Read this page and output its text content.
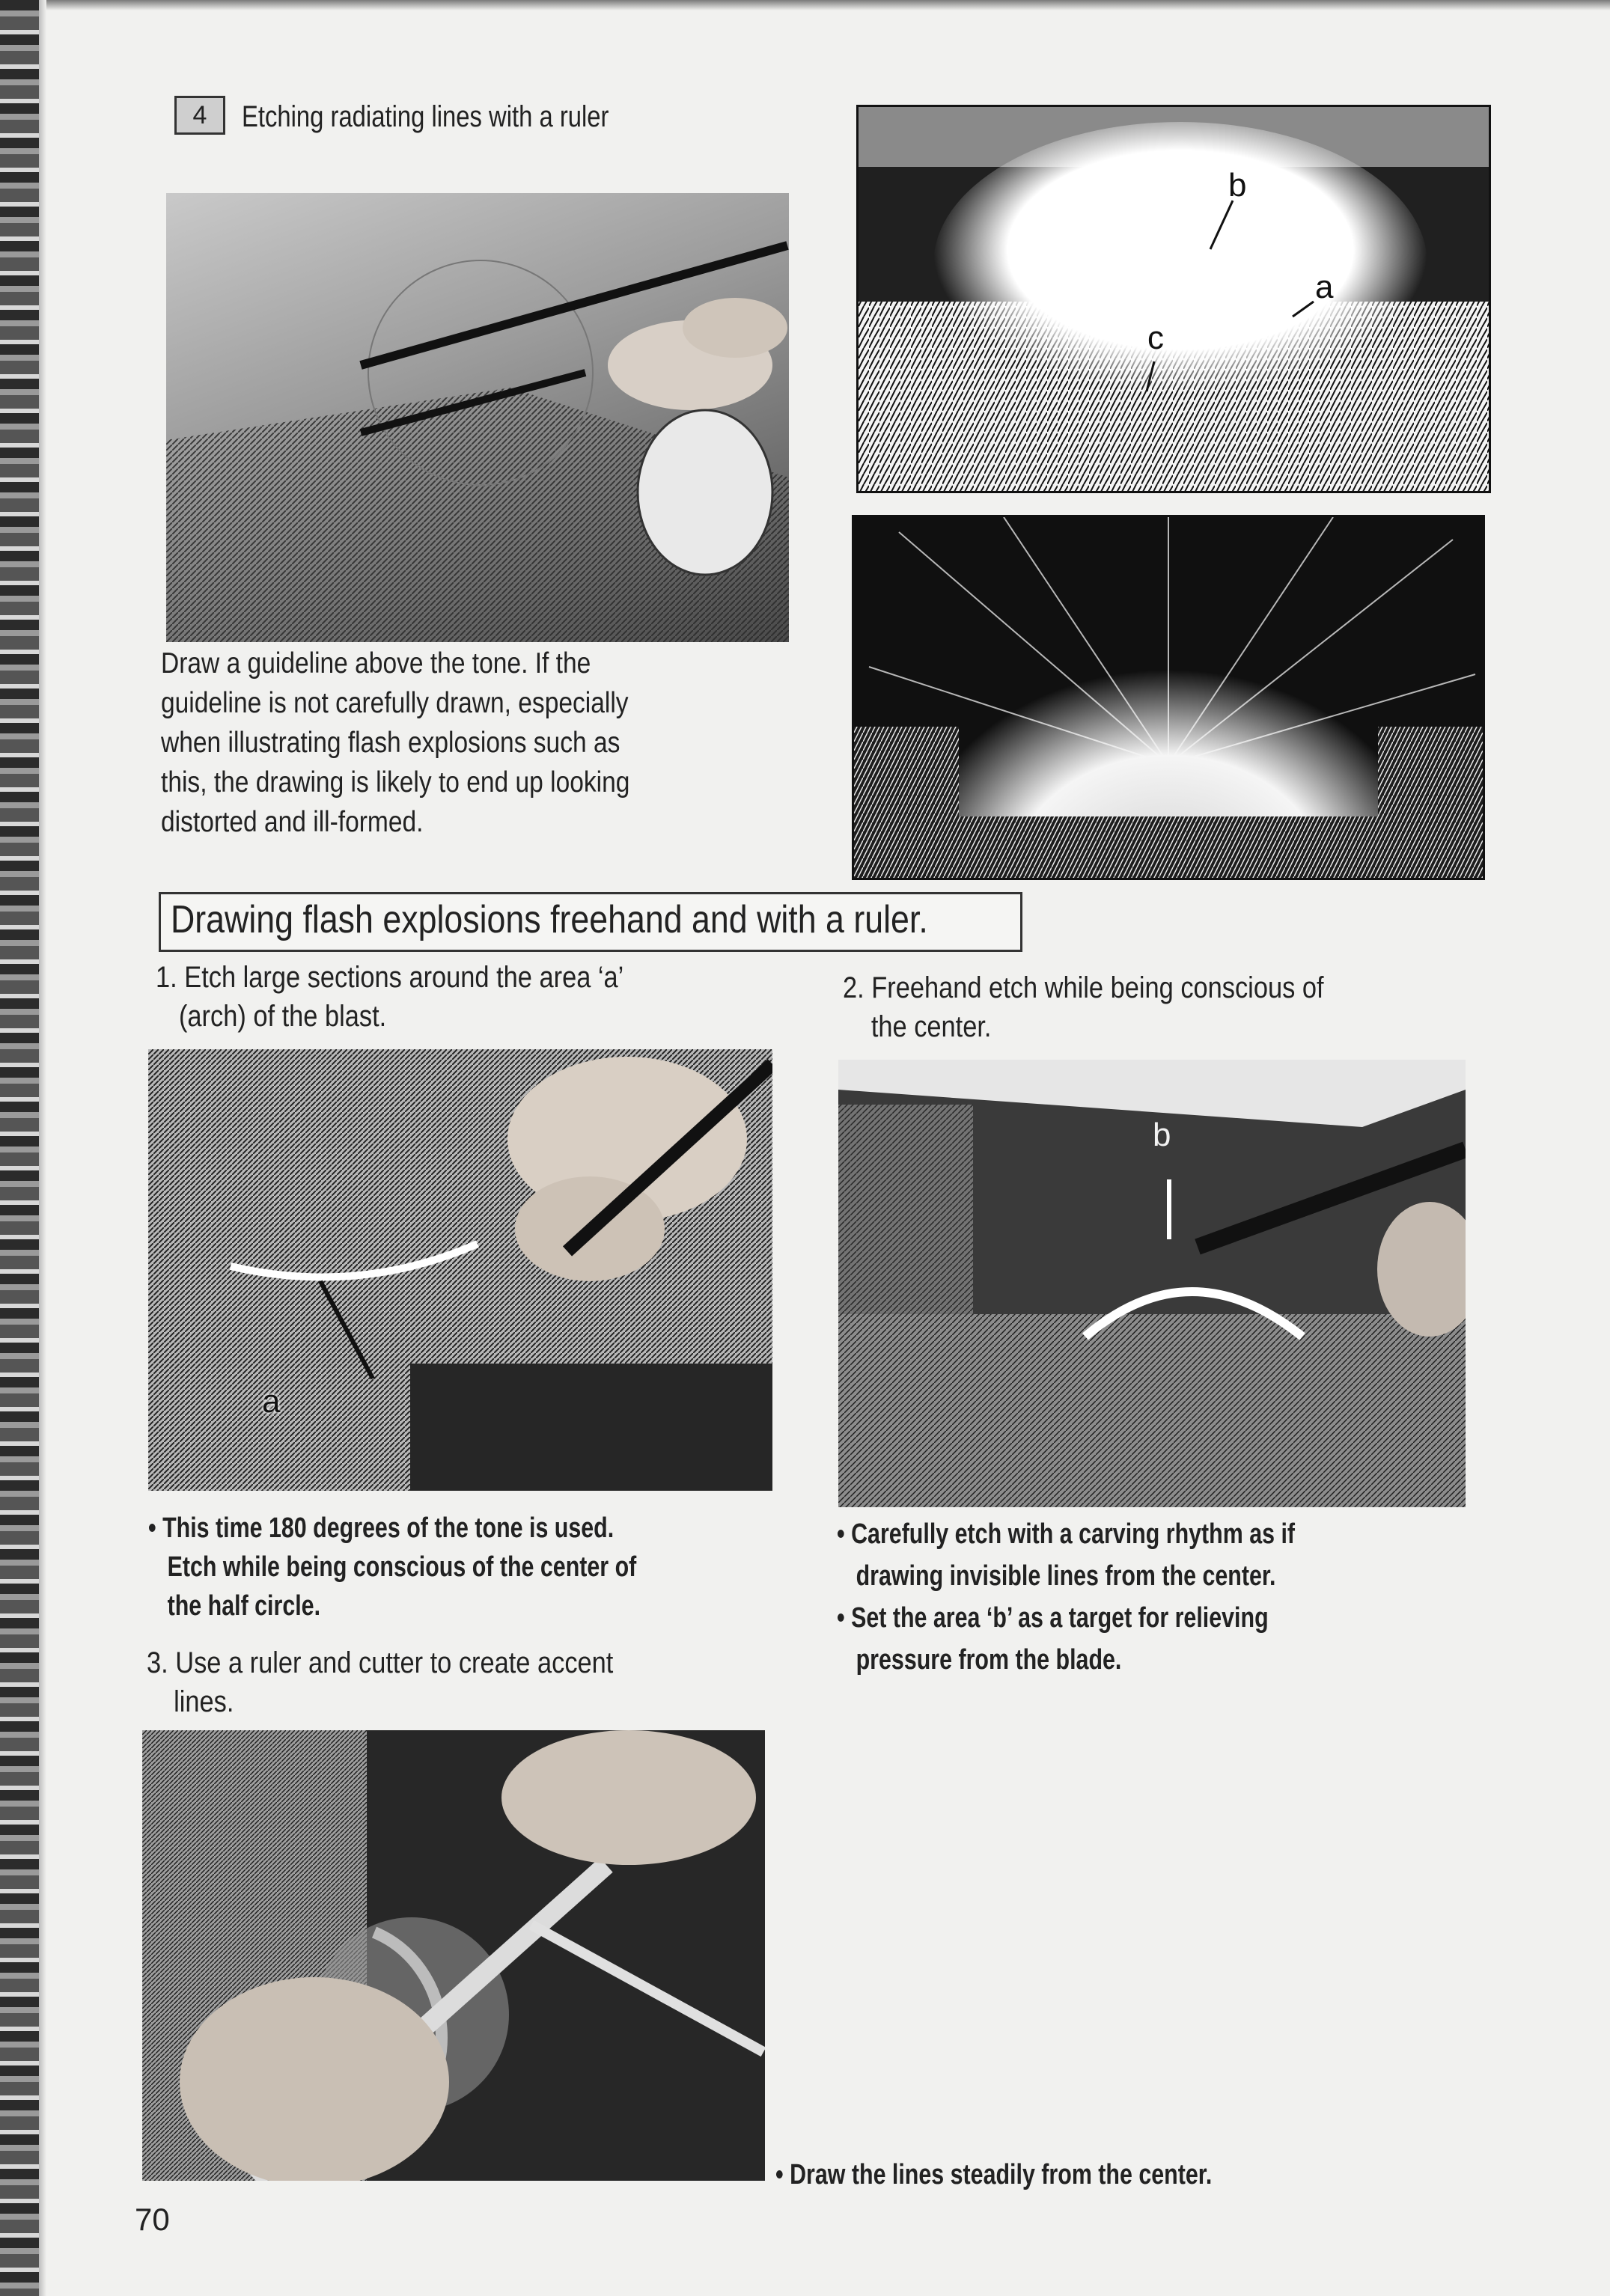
4	Etching radiating lines with a ruler
Draw a guideline above the tone. If the
guideline is not carefully drawn, especially
when illustrating flash explosions such as
this, the drawing is likely to end up looking
distorted and ill-formed.
b
a
c
Drawing flash explosions freehand and with a ruler.
1. Etch large sections around the area ‘a’
(arch) of the blast.
a
• This time 180 degrees of the tone is used.
Etch while being conscious of the center of
the half circle.
3. Use a ruler and cutter to create accent
lines.
2. Freehand etch while being conscious of
the center.
b
• Carefully etch with a carving rhythm as if
drawing invisible lines from the center.
• Set the area ‘b’ as a target for relieving
pressure from the blade.
• Draw the lines steadily from the center.
70
